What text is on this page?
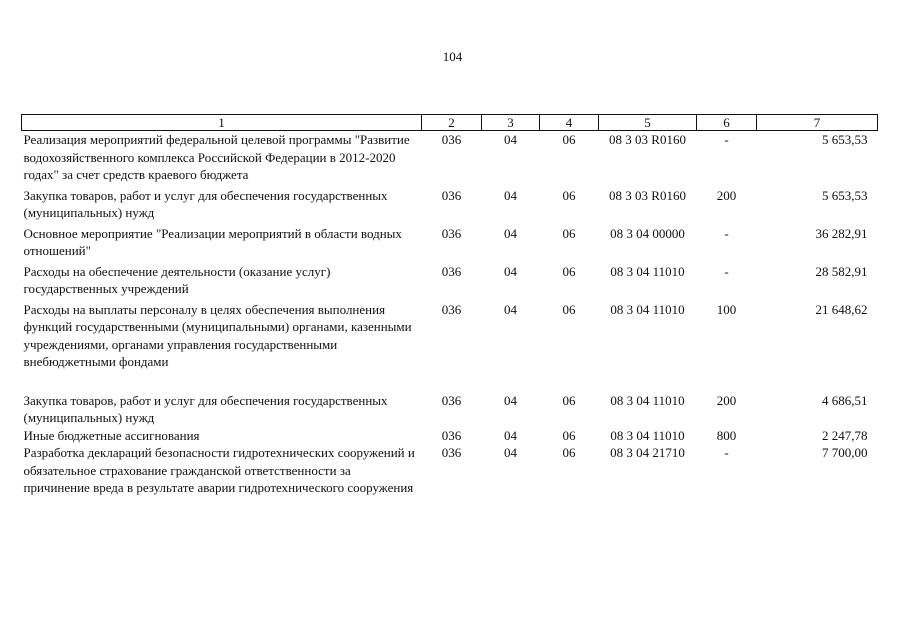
104
1	2	3	4	5	6	7
Реализация мероприятий федеральной целевой программы "Развитие водохозяйственного комплекса Российской Федерации в 2012-2020 годах" за счет средств краевого бюджета	036	04	06	08 3 03 R0160	-	5 653,53
Закупка товаров, работ и услуг для обеспечения государственных (муниципальных) нужд	036	04	06	08 3 03 R0160	200	5 653,53
Основное мероприятие "Реализации мероприятий в области водных отношений"	036	04	06	08 3 04 00000	-	36 282,91
Расходы на обеспечение деятельности (оказание услуг) государственных учреждений	036	04	06	08 3 04 11010	-	28 582,91
Расходы на выплаты персоналу в целях обеспечения выполнения функций государственными (муниципальными) органами, казенными учреждениями, органами управления государственными внебюджетными фондами	036	04	06	08 3 04 11010	100	21 648,62
Закупка товаров, работ и услуг для обеспечения государственных (муниципальных) нужд	036	04	06	08 3 04 11010	200	4 686,51
Иные бюджетные ассигнования	036	04	06	08 3 04 11010	800	2 247,78
Разработка деклараций безопасности гидротехнических сооружений и обязательное страхование гражданской ответственности за причинение вреда в результате аварии гидротехнического сооружения	036	04	06	08 3 04 21710	-	7 700,00
